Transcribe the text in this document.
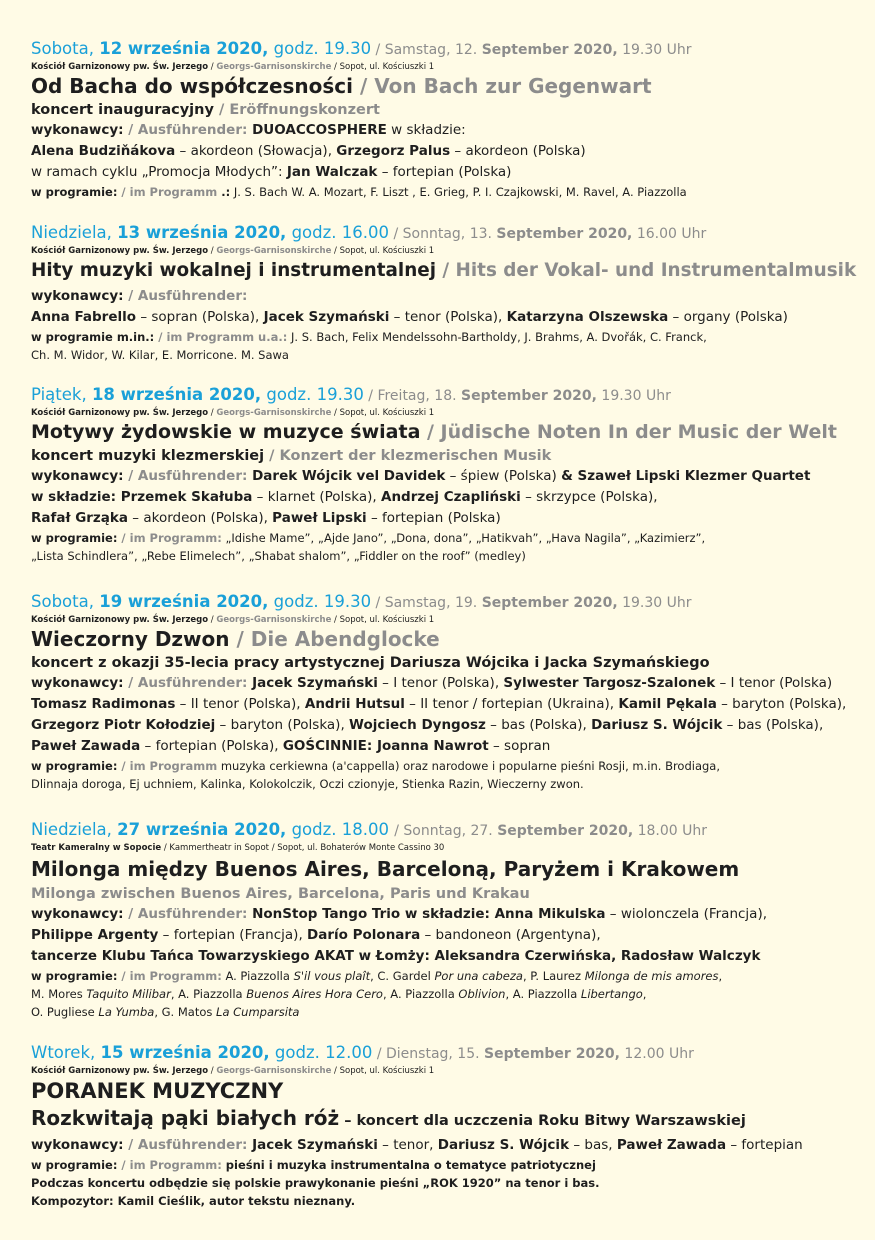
Sobota, 12 września 2020, godz. 19.30 / Samstag, 12. September 2020, 19.30 Uhr
Kościół Garnizonowy pw. Św. Jerzego / Georgs-Garnisonskirche / Sopot, ul. Kościuszki 1
Od Bacha do współczesności / Von Bach zur Gegenwart
koncert inauguracyjny / Eröffnungskonzert
wykonawcy: / Ausführender: DUOACCOSPHERE w składzie:
Alena Budziňákova – akordeon (Słowacja), Grzegorz Palus – akordeon (Polska)
w ramach cyklu „Promocja Młodych”: Jan Walczak – fortepian (Polska)
w programie: / im Programm .: J. S. Bach W. A. Mozart, F. Liszt , E. Grieg, P. I. Czajkowski, M. Ravel, A. Piazzolla
Niedziela, 13 września 2020, godz. 16.00 / Sonntag, 13. September 2020, 16.00 Uhr
Kościół Garnizonowy pw. Św. Jerzego / Georgs-Garnisonskirche / Sopot, ul. Kościuszki 1
Hity muzyki wokalnej i instrumentalnej / Hits der Vokal- und Instrumentalmusik
wykonawcy: / Ausführender:
Anna Fabrello – sopran (Polska), Jacek Szymański – tenor (Polska), Katarzyna Olszewska – organy (Polska)
w programie m.in.: / im Programm u.a.: J. S. Bach, Felix Mendelssohn-Bartholdy, J. Brahms, A. Dvořák, C. Franck,
Ch. M. Widor, W. Kilar, E. Morricone. M. Sawa
Piątek, 18 września 2020, godz. 19.30 / Freitag, 18. September 2020, 19.30 Uhr
Kościół Garnizonowy pw. Św. Jerzego / Georgs-Garnisonskirche / Sopot, ul. Kościuszki 1
Motywy żydowskie w muzyce świata / Jüdische Noten In der Music der Welt
koncert muzyki klezmerskiej / Konzert der klezmerischen Musik
wykonawcy: / Ausführender: Darek Wójcik vel Davidek – śpiew (Polska) & Szaweł Lipski Klezmer Quartet
w składzie: Przemek Skałuba – klarnet (Polska), Andrzej Czapliński – skrzypce (Polska),
Rafał Grząka – akordeon (Polska), Paweł Lipski – fortepian (Polska)
w programie: / im Programm: „Idishe Mame”, „Ajde Jano”, „Dona, dona”, „Hatikvah”, „Hava Nagila”, „Kazimierz”,
„Lista Schindlera”, „Rebe Elimelech”, „Shabat shalom”, „Fiddler on the roof” (medley)
Sobota, 19 września 2020, godz. 19.30 / Samstag, 19. September 2020, 19.30 Uhr
Kościół Garnizonowy pw. Św. Jerzego / Georgs-Garnisonskirche / Sopot, ul. Kościuszki 1
Wieczorny Dzwon / Die Abendglocke
koncert z okazji 35-lecia pracy artystycznej Dariusza Wójcika i Jacka Szymańskiego
wykonawcy: / Ausführender: Jacek Szymański – I tenor (Polska), Sylwester Targosz-Szalonek – I tenor (Polska)
Tomasz Radimonas – II tenor (Polska), Andrii Hutsul – II tenor / fortepian (Ukraina), Kamil Pękala – baryton (Polska),
Grzegorz Piotr Kołodziej – baryton (Polska), Wojciech Dyngosz – bas (Polska), Dariusz S. Wójcik – bas (Polska),
Paweł Zawada – fortepian (Polska), GOŚCINNIE: Joanna Nawrot – sopran
w programie: / im Programm muzyka cerkiewna (a'cappella) oraz narodowe i popularne pieśni Rosji, m.in. Brodiaga,
Dlinnaja doroga, Ej uchniem, Kalinka, Kolokolczik, Oczi czionyje, Stienka Razin, Wieczerny zwon.
Niedziela, 27 września 2020, godz. 18.00 / Sonntag, 27. September 2020, 18.00 Uhr
Teatr Kameralny w Sopocie / Kammertheatr in Sopot / Sopot, ul. Bohaterów Monte Cassino 30
Milonga między Buenos Aires, Barceloną, Paryżem i Krakowem
Milonga zwischen Buenos Aires, Barcelona, Paris und Krakau
wykonawcy: / Ausführender: NonStop Tango Trio w składzie: Anna Mikulska – wiolonczela (Francja),
Philippe Argenty – fortepian (Francja), Darío Polonara – bandoneon (Argentyna),
tancerze Klubu Tańca Towarzyskiego AKAT w Łomży: Aleksandra Czerwińska, Radosław Walczyk
w programie: / im Programm: A. Piazzolla S'il vous plaît, C. Gardel Por una cabeza, P. Laurez Milonga de mis amores,
M. Mores Taquito Milibar, A. Piazzolla Buenos Aires Hora Cero, A. Piazzolla Oblivion, A. Piazzolla Libertango,
O. Pugliese La Yumba, G. Matos La Cumparsita
Wtorek, 15 września 2020, godz. 12.00 / Dienstag, 15. September 2020, 12.00 Uhr
Kościół Garnizonowy pw. Św. Jerzego / Georgs-Garnisonskirche / Sopot, ul. Kościuszki 1
PORANEK MUZYCZNY
Rozkwitają pąki białych róż – koncert dla uczczenia Roku Bitwy Warszawskiej
wykonawcy: / Ausführender: Jacek Szymański – tenor, Dariusz S. Wójcik – bas, Paweł Zawada – fortepian
w programie: / im Programm: pieśni i muzyka instrumentalna o tematyce patriotycznej
Podczas koncertu odbędzie się polskie prawykonanie pieśni „ROK 1920” na tenor i bas.
Kompozytor: Kamil Cieślik, autor tekstu nieznany.
